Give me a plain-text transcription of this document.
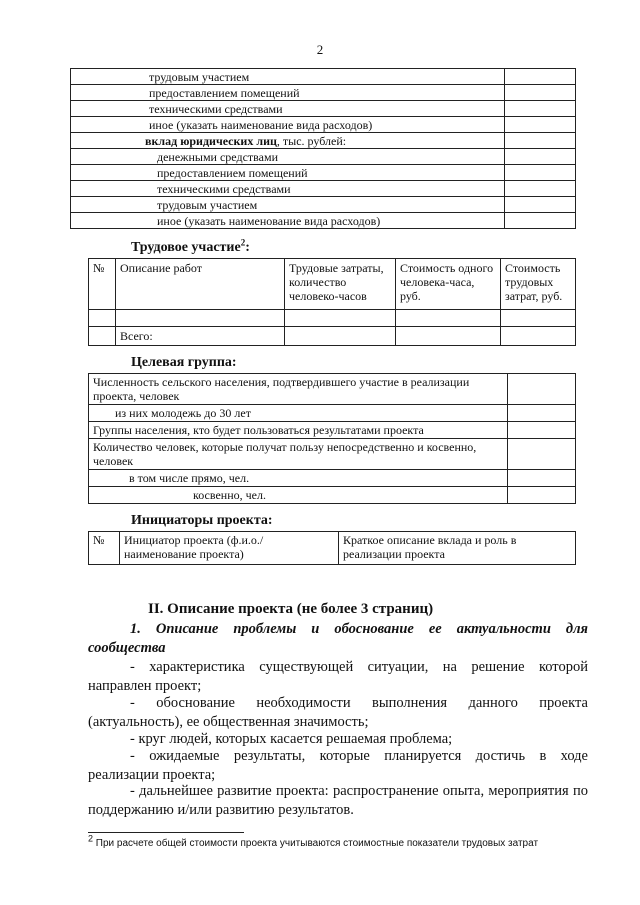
2
трудовым участием	
предоставлением помещений	
техническими средствами	
иное (указать наименование вида расходов)	
вклад юридических лиц, тыс. рублей:	
денежными средствами	
предоставлением помещений	
техническими средствами	
трудовым участием	
иное (указать наименование вида расходов)	
Трудовое участие$^2$:
№	Описание работ	Трудовые затраты, количество человеко-часов	Стоимость одного человека-часа, руб.	Стоимость трудовых затрат, руб.

	Всего:			
Целевая группа:
Численность сельского населения, подтвердившего участие в реализации проекта, человек	
из них молодежь до 30 лет	
Группы населения, кто будет пользоваться результатами проекта	
Количество человек, которые получат пользу непосредственно и косвенно, человек	
в том числе прямо, чел.	
косвенно, чел.	
Инициаторы проекта:
№	Инициатор проекта (ф.и.о./наименование проекта)	Краткое описание вклада и роль в реализации проекта
II. Описание проекта (не более 3 страниц)
1. Описание проблемы и обоснование ее актуальности для сообщества
- характеристика существующей ситуации, на решение которой
направлен проект;
- обоснование необходимости выполнения данного проекта
(актуальность), ее общественная значимость;
- круг людей, которых касается решаемая проблема;
- ожидаемые результаты, которые планируется достичь в ходе
реализации проекта;
- дальнейшее развитие проекта: распространение опыта, мероприятия по поддержанию и/или развитию результатов.
2 При расчете общей стоимости проекта учитываются стоимостные показатели трудовых затрат
